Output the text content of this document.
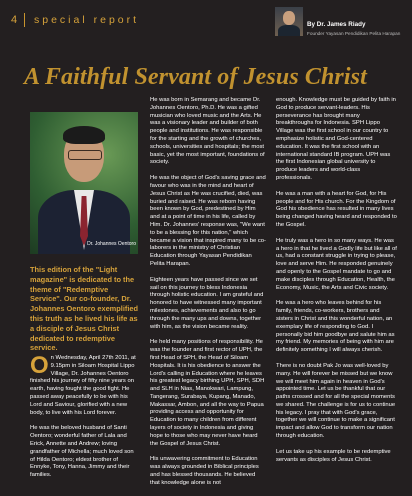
4 special report	By Dr. James Riady
Founder Yayasan Pendidikan Pelita Harapan
A Faithful Servant of Jesus Christ
Dr. Johannes Oentoro
This edition of the "Light magazine" is dedicated to the theme of "Redemptive Service". Our co-founder, Dr. Johannes Oentoro exemplified this truth as he lived his life as a disciple of Jesus Christ dedicated to redemptive service.

On Wednesday, April 27th 2011, at 9.15pm in Siloam Hospital Lippo Village, Dr. Johannes Oentoro finished his journey of fifty nine years on earth, having fought the good fight. He passed away peacefully to be with his Lord and Saviour, glorified with a new body, to live with his Lord forever.

He was the beloved husband of Santi Oentoro; wonderful father of Lala and Erick, Annette and Andrew; loving grandfather of Michella; much loved son of Hilda Oentoro; eldest brother of Ennyke, Tony, Hanna, Jimmy and their families.

He was born in Semarang and became Dr. Johannes Oentoro, Ph.D. He was a gifted musician who loved music and the Arts. He was a visionary leader and builder of both people and institutions. He was responsible for the starting and the growth of churches, schools, universities and hospitals; the most basic, yet the most important, foundations of society.

He was the object of God's saving grace and favour who was in the mind and heart of Jesus Christ as He was crucified, died, was buried and raised. He was reborn having been known by God, predestined by Him and at a point of time in his life, called by Him. Dr. Johannes' response was, "We want to be a blessing for this nation," which became a vision that inspired many to be co-laborers in the ministry of Christian Education through Yayasan Pendidikan Pelita Harapan.

Eighteen years have passed since we set sail on this journey to bless Indonesia through holistic education. I am grateful and honored to have witnessed many important milestones, achievements and also to go through the many ups and downs, together with him, as the vision became reality.

He held many positions of responsibility. He was the founder and first rector of UPH, the first Head of SPH, the Head of Siloam Hospitals. It is his obedience to answer the Lord's calling in Education where he leaves his greatest legacy birthing UPH, SPH, SDH and SLH in Nias, Manokwari, Lampung, Tangerang, Surabaya, Kupang, Manado, Makassar, Ambon, and all the way to Papua providing access and opportunity for Education to many children from different layers of society in Indonesia and giving hope to those who may never have heard the Gospel of Jesus Christ.

His unwavering commitment to Education was always grounded in Biblical principles and has blessed thousands. He believed that knowledge alone is not

enough. Knowledge must be guided by faith in God to produce servant-leaders. His perseverance has brought many breakthroughs for Indonesia. SPH Lippo Village was the first school in our country to emphasize holistic and God-centered education. It was the first school with an international standard IB program. UPH was the first Indonesian global university to produce leaders and world-class professionals.

He was a man with a heart for God, for His people and for His church. For the Kingdom of God his obedience has resulted in many lives being changed having heard and responded to the Gospel.

He truly was a hero in so many ways. He was a hero in that he lived a Godly life but like all of us, had a constant struggle in trying to please, love and serve Him. He responded genuinely and openly to the Gospel mandate to go and make disciples through Education, Health, the Economy, Music, the Arts and Civic society.

He was a hero who leaves behind for his family, friends, co-workers, brothers and sisters in Christ and this wonderful nation, an exemplary life of responding to God. I personally bid him goodbye and salute him as my friend. My memories of being with him are definitely something I will always cherish.

There is no doubt Pak Jo was well-loved by many. He will forever be missed but we know we will meet him again in heaven in God's appointed time. Let us be thankful that our paths crossed and for all the special moments we shared. The challenge is for us to continue his legacy. I pray that with God's grace, together we will continue to make a significant impact and allow God to transform our nation through education.

Let us take up his example to be redemptive servants as disciples of Jesus Christ.
